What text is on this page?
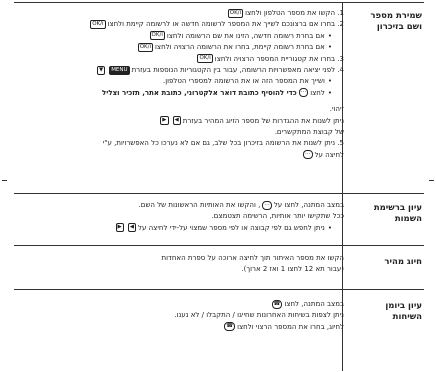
שמירת מספר
ושם בזיכרון
1. הקשו את מספר הטלפון ולחצוOK/i
2. בחרו אם ברצונכם לשייך את המספר לרשומה חדשה או לרשומה קיימת ולחצוOK/i
• אם בחרת רשומה חדשה, הזינו את שם הרשומה ולחצוOK/i
• אם בחרת רשומה קיימת, בחרו את הרשומה הרצויה ולחצוOK/i
3. בחרו את קטגוריית המספר הרצויה ולחצוOK/i
4. לפני יציאה מאפשרויות הרשומה, עבור בין הקטגוריות הנוספות בעזרתMENU▼
• ושייך את המספר הזה או את הרשומה למספרי הטלפון.
• לחצו⋯כדי להוסיף כתובת דואר אלקטרוני, כתובת אתר, תזכיר וצליל
זיהוי.
ניתן לשנות את ההגדרות של מספר הזיוג המהיר בעזרת◀▶
של קבוצת המתקשרים.
5. ניתן לשנות את הרשומה בזיכרון בכל שלב, גם אם לא נערכו כל האפשרויות, ע"י
לחיצה על⋯
עיון ברשימת
השמות
במצב המתנה, לחצו על⋯, והקשו את האותיות הראשונות של השם.
ככל שתקישו יותר אותיות, הרשימה תצטמצם.
• ניתן לחפש גם לפי קבוצה או לפי מספר שמצוי על-ידי לחיצה על◀▶
חיוג מהיר
הקשו את מספר האיתור תוך לחיצה ארוכה על ספרת האחדות
(עבור תא 12 לחצו 1 ואז 2 ארוך).
עיון ביומן
השיחות
במצב המתנה, לחצו☎
ניתן לצפות בשיחות האחרונות שחייגו / התקבלו / לא נענו.
לחיוג, בחרו את המספר הרצוי ולחצו☎
